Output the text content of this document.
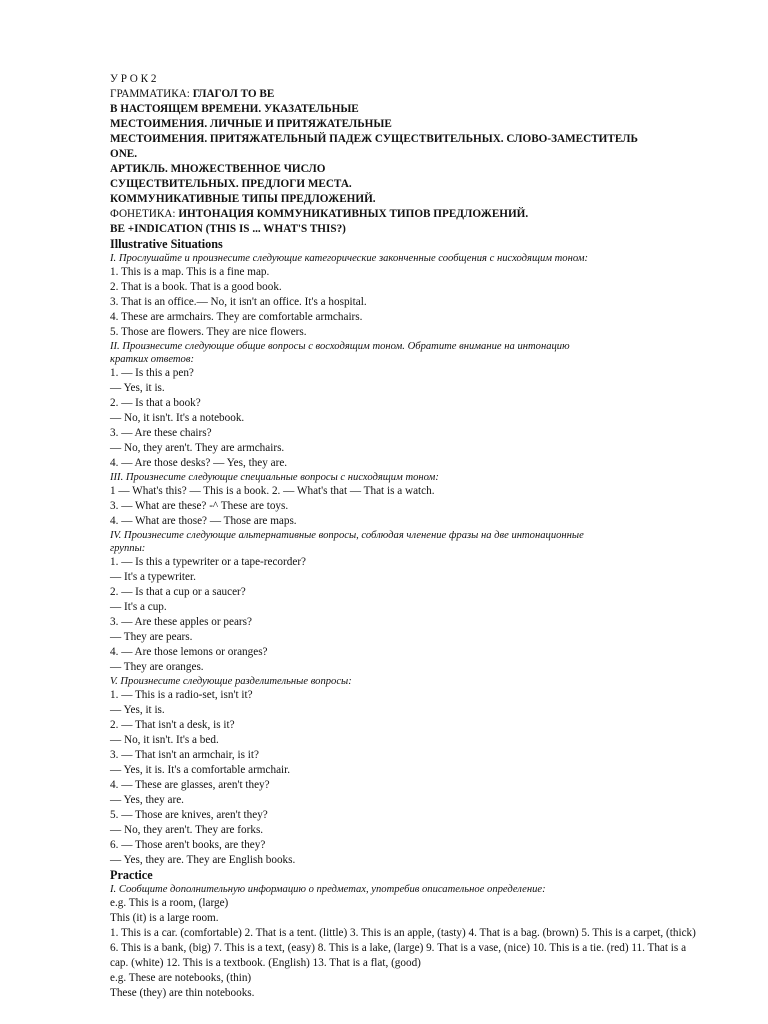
У Р О К 2
ГРАММАТИКА: ГЛАГОЛ TO BE
В НАСТОЯЩЕМ ВРЕМЕНИ. УКАЗАТЕЛЬНЫЕ
МЕСТОИМЕНИЯ. ЛИЧНЫЕ И ПРИТЯЖАТЕЛЬНЫЕ
МЕСТОИМЕНИЯ. ПРИТЯЖАТЕЛЬНЫЙ ПАДЕЖ СУЩЕСТВИТЕЛЬНЫХ. СЛОВО-ЗАМЕСТИТЕЛЬ
ONE.
АРТИКЛЬ. МНОЖЕСТВЕННОЕ ЧИСЛО
СУЩЕСТВИТЕЛЬНЫХ. ПРЕДЛОГИ МЕСТА.
КОММУНИКАТИВНЫЕ ТИПЫ ПРЕДЛОЖЕНИЙ.
ФОНЕТИКА: ИНТОНАЦИЯ КОММУНИКАТИВНЫХ ТИПОВ ПРЕДЛОЖЕНИЙ.
BE +INDICATION (THIS IS ... WHAT'S THIS?)
Illustrative Situations
I. Прослушайте и произнесите следующие категорические законченные сообщения с нисходящим тоном:
1. This is a map. This is a fine map.
2. That is a book. That is a good book.
3. That is an office.— No, it isn't an office. It's a hospital.
4. These are armchairs. They are comfortable armchairs.
5. Those are flowers. They are nice flowers.
II. Произнесите следующие общие вопросы с восходящим тоном. Обратите внимание на интонацию
кратких ответов:
1. — Is this a pen?
— Yes, it is.
2. — Is that a book?
— No, it isn't. It's a notebook.
3. — Are these chairs?
— No, they aren't. They are armchairs.
4. — Are those desks? — Yes, they are.
III. Произнесите следующие специальные вопросы с нисходящим тоном:
1 — What's this? — This is a book. 2. — What's that — That is a watch.
3. — What are these? -^ These are toys.
4. — What are those? — Those are maps.
IV. Произнесите следующие альтернативные вопросы, соблюдая членение фразы на две интонационные
группы:
1. — Is this a typewriter or a tape-recorder?
— It's a typewriter.
2. — Is that a cup or a saucer?
— It's a cup.
3. — Are these apples or pears?
— They are pears.
4. — Are those lemons or oranges?
— They are oranges.
V. Произнесите следующие разделительные вопросы:
1. — This is a radio-set, isn't it?
— Yes, it is.
2. — That isn't a desk, is it?
— No, it isn't. It's a bed.
3. — That isn't an armchair, is it?
— Yes, it is. It's a comfortable armchair.
4. — These are glasses, aren't they?
— Yes, they are.
5. — Those are knives, aren't they?
— No, they aren't. They are forks.
6. — Those aren't books, are they?
— Yes, they are. They are English books.
Practice
I. Сообщите дополнительную информацию о предметах, употребив описательное определение:
e.g. This is a room, (large)
This (it) is a large room.
1. This is a car. (comfortable) 2. That is a tent. (little) 3. This is an apple, (tasty) 4. That is a bag. (brown) 5. This is a carpet, (thick) 6. This is a bank, (big) 7. This is a text, (easy) 8. This is a lake, (large) 9. That is a vase, (nice) 10. This is a tie. (red) 11. That is a cap. (white) 12. This is a textbook. (English) 13. That is a flat, (good)
e.g. These are notebooks, (thin)
These (they) are thin notebooks.
